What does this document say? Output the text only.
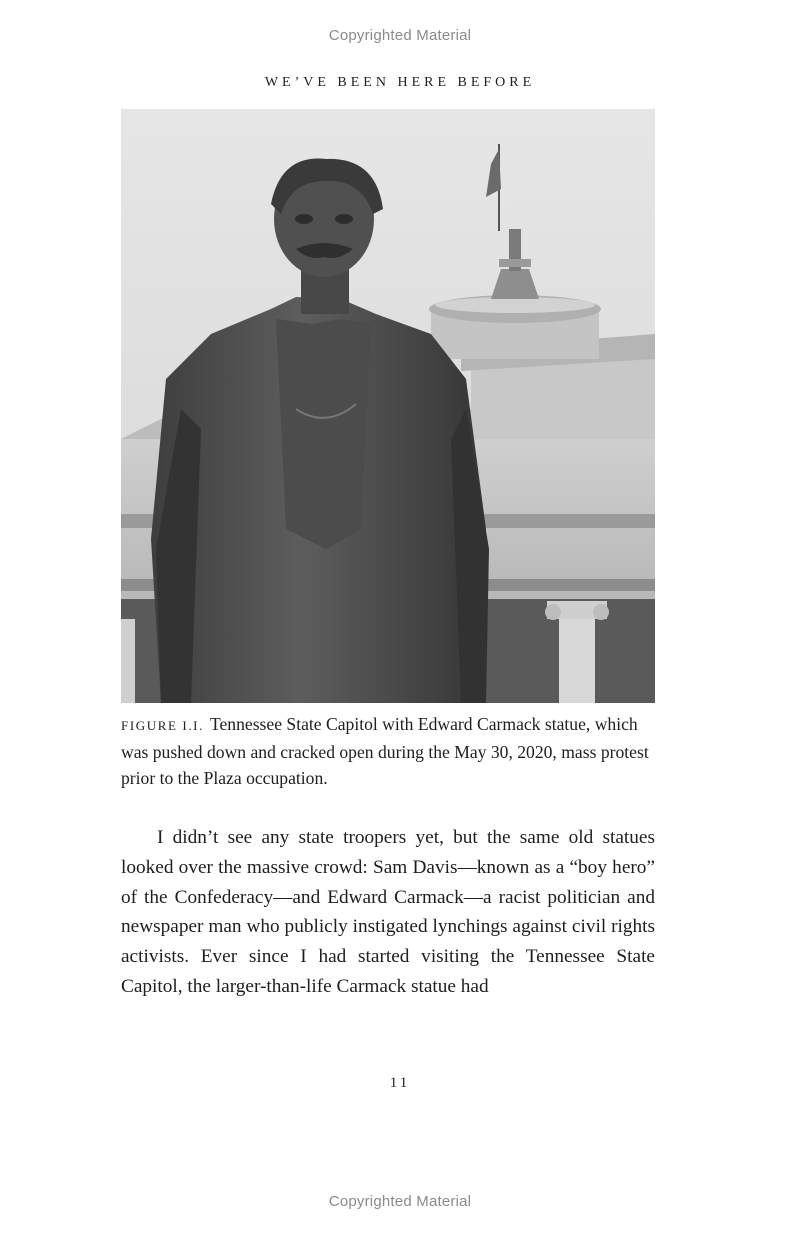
Copyrighted Material
WE’VE BEEN HERE BEFORE
FIGURE I.I. Tennessee State Capitol with Edward Carmack statue, which was pushed down and cracked open during the May 30, 2020, mass protest prior to the Plaza occupation.

I didn’t see any state troopers yet, but the same old statues looked over the massive crowd: Sam Davis—known as a “boy hero” of the Confederacy—and Edward Carmack—a racist politician and newspaper man who publicly instigated lynchings against civil rights activists. Ever since I had started visiting the Tennessee State Capitol, the larger-than-life Carmack statue had

11
Copyrighted Material
